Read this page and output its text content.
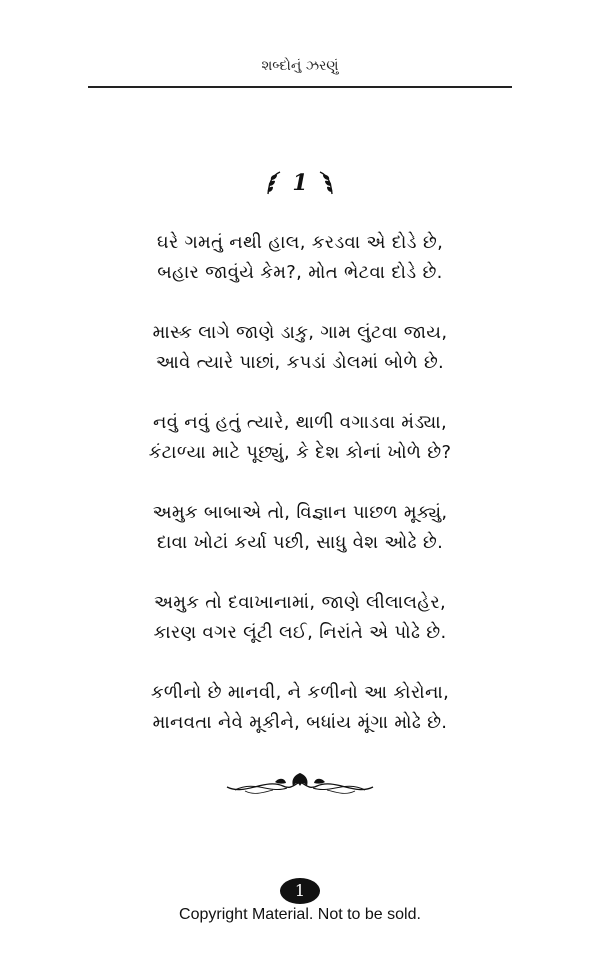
શબ્દોનું ઝરણું
1
ઘરે ગમતું નથી હાલ, કરડવા એ દોડે છે,
બહાર જાવુંયે કેમ?, મોત ભેટવા દોડે છે.
માસ્ક લાગે જાણે ડાકુ, ગામ લુંટવા જાય,
આવે ત્યારે પાછાં, કપડાં ડોલમાં બોળે છે.
નવું નવું હતું ત્યારે, થાળી વગાડવા મંડ્યા,
કંટાળ્યા માટે પૂછ્યું, કે દેશ કોનાં ખોળે છે?
અમુક બાબાએ તો, વિજ્ઞાન પાછળ મૂક્યું,
દાવા ખોટાં કર્યા પછી, સાધુ વેશ ઓઢે છે.
અમુક તો દવાખાનામાં, જાણે લીલાલહેર,
કારણ વગર લૂંટી લઈ, નિરાંતે એ પોઢે છે.
કળીનો છે માનવી, ને કળીનો આ કોરોના,
માનવતા નેવે મૂકીને, બધાંય મૂંગા મોઢે છે.
1
Copyright Material. Not to be sold.
